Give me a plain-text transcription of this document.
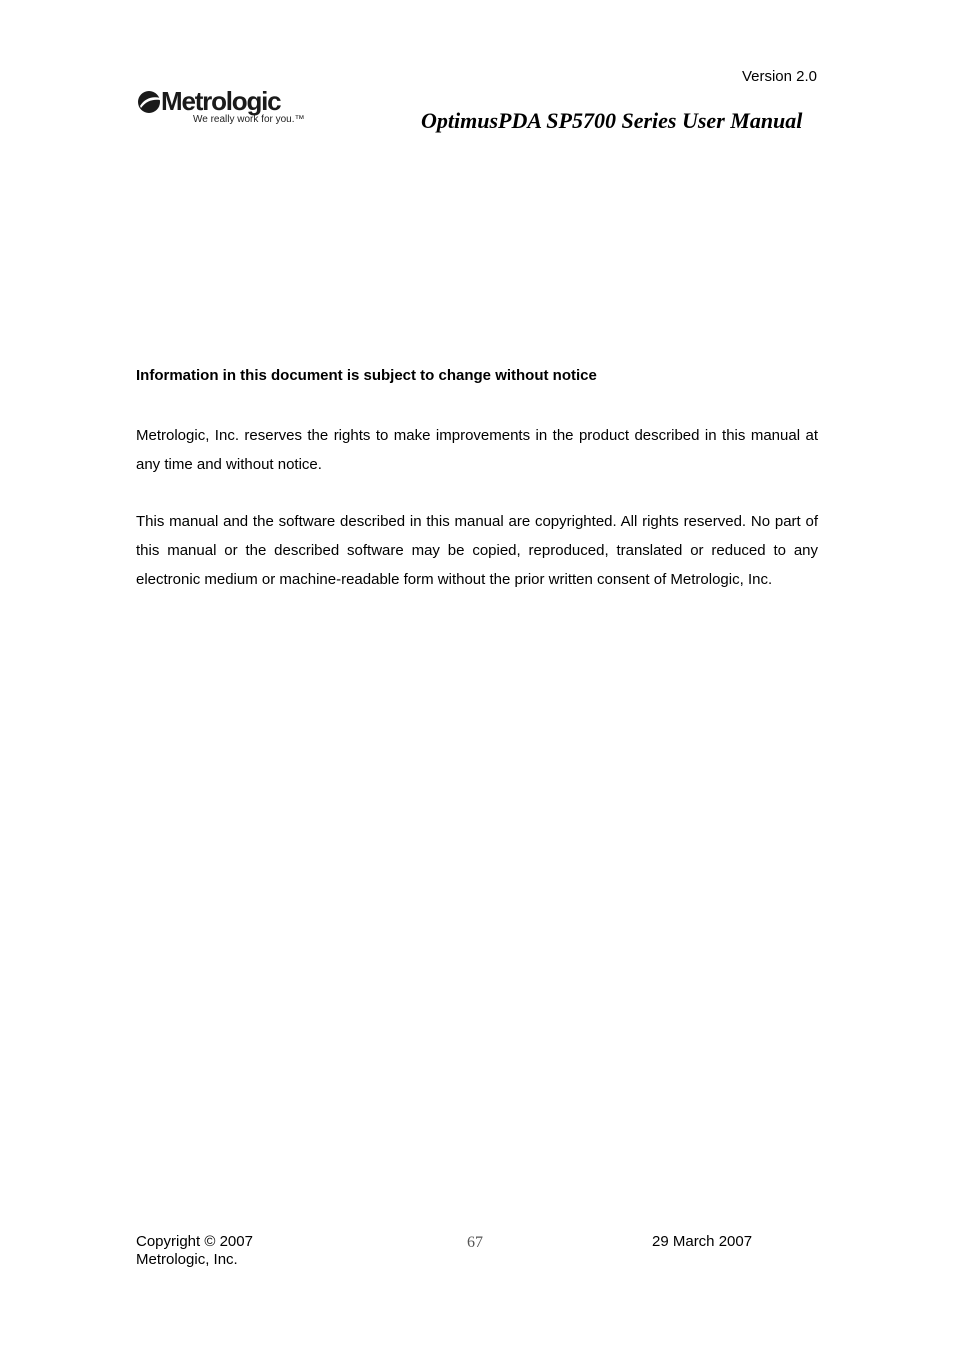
Version 2.0
Metrologic
We really work for you.™	OptimusPDA SP5700 Series User Manual

Information in this document is subject to change without notice

Metrologic, Inc. reserves the rights to make improvements in the product described in this manual at any time and without notice.

This manual and the software described in this manual are copyrighted. All rights reserved. No part of this manual or the described software may be copied, reproduced, translated or reduced to any electronic medium or machine-readable form without the prior written consent of Metrologic, Inc.

Copyright © 2007
Metrologic, Inc.
67	29 March 2007
